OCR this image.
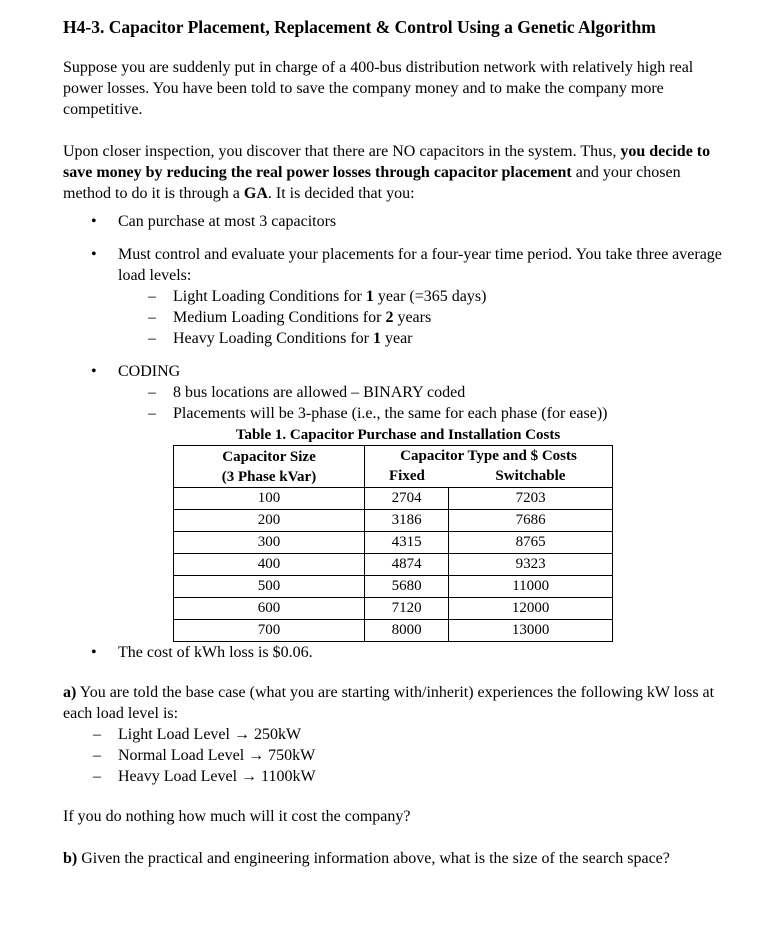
H4-3. Capacitor Placement, Replacement & Control Using a Genetic Algorithm

Suppose you are suddenly put in charge of a 400-bus distribution network with relatively high real power losses. You have been told to save the company money and to make the company more competitive.

Upon closer inspection, you discover that there are NO capacitors in the system. Thus, you decide to save money by reducing the real power losses through capacitor placement and your chosen method to do it is through a GA. It is decided that you:

• Can purchase at most 3 capacitors
• Must control and evaluate your placements for a four-year time period. You take three average load levels:
– Light Loading Conditions for 1 year (=365 days)
– Medium Loading Conditions for 2 years
– Heavy Loading Conditions for 1 year
• CODING
– 8 bus locations are allowed – BINARY coded
– Placements will be 3-phase (i.e., the same for each phase (for ease))
Table 1. Capacitor Purchase and Installation Costs
Capacitor Size
(3 Phase kVar)	Capacitor Type and $ Costs	
	Fixed	Switchable
100	2704	7203
200	3186	7686
300	4315	8765
400	4874	9323
500	5680	11000
600	7120	12000
700	8000	13000
• The cost of kWh loss is $0.06.

a) You are told the base case (what you are starting with/inherit) experiences the following kW loss at each load level is:

– Light Load Level → 250kW
– Normal Load Level → 750kW
– Heavy Load Level → 1100kW

If you do nothing how much will it cost the company?

b) Given the practical and engineering information above, what is the size of the search space?
